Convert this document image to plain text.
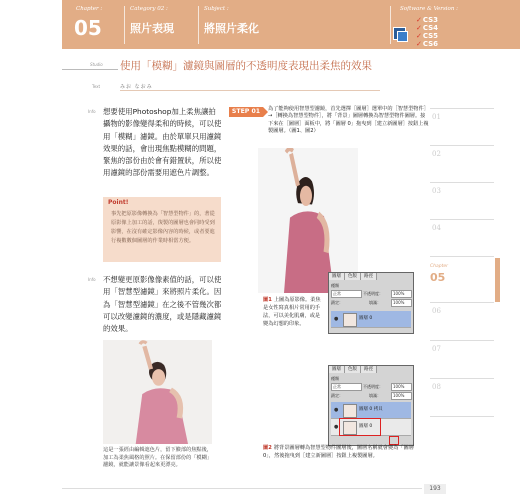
Chapter :
05
Category 02 :
照片表現
Subject :
將照片柔化
Software & Version :
✓CS3
✓CS4
✓CS5
✓CS6
Studio 使用「模糊」濾鏡與圖層的不透明度表現出柔焦的效果
Text	みお なおみ
Info 想要使用Photoshop加上柔焦讓拍攝物的影像變得柔和的時候，可以使用「模糊」濾鏡。由於單單只用濾鏡效果的話，會出現焦點模糊的問題，緊焦的部份由於會有錯置狀，所以使用濾鏡的部份需要用遮色片調整。
Point!
事先把原影像轉換為「智慧型物件」的，著從原影像上加工的話，復製的圖層也會同時受到影響，在沒有確定影像內容的時候，或者要進行複數數個圖層的作業時相當方便。
Info 不想變更原影像像素值的話，可以使用「智慧型濾鏡」來將照片柔化。因為「智慧型濾鏡」在之後不管幾次都可以改變濾鏡的濃度，或是隱藏濾鏡的效果。
這是一張經由編輯遮色片，留下臉部的焦點後，加工為柔焦風格的照片。在保留部份的「模糊」濾鏡，就能讓景像看起來更漂亮。
STEP 01	為了能夠使用智慧型濾鏡，首先選擇［圖層］選單中的［智慧型物件］→［轉換為智慧型物件］，將「背景」圖層轉換為智慧型物件圖層。接下來在［圖層］面板中，將「圖層 0」拖曳到［建立新圖層］按鈕上複製圖層。（圖1、圖2）
圖1 上圖為原影像。柔焦是女性寫真相片常用的手法，可以美化肌膚，或是變為幻想的印象。
圖層	色版	路徑
種類
正常	不透明度：	100%
鎖定：	填滿：	100%
●	圖層 0
圖層	色版	路徑
種類
正常	不透明度：	100%
鎖定：	填滿：	100%
●	圖層 0 拷貝
●	圖層 0
圖2 將背景圖層轉為智慧型物件圖層後，圖層名稱就會變為「圖層 0」，然後拖曳到［建立新圖層］按鈕上複製圖層。
01
02
03
04
Chapter
05
06
07
08
193
